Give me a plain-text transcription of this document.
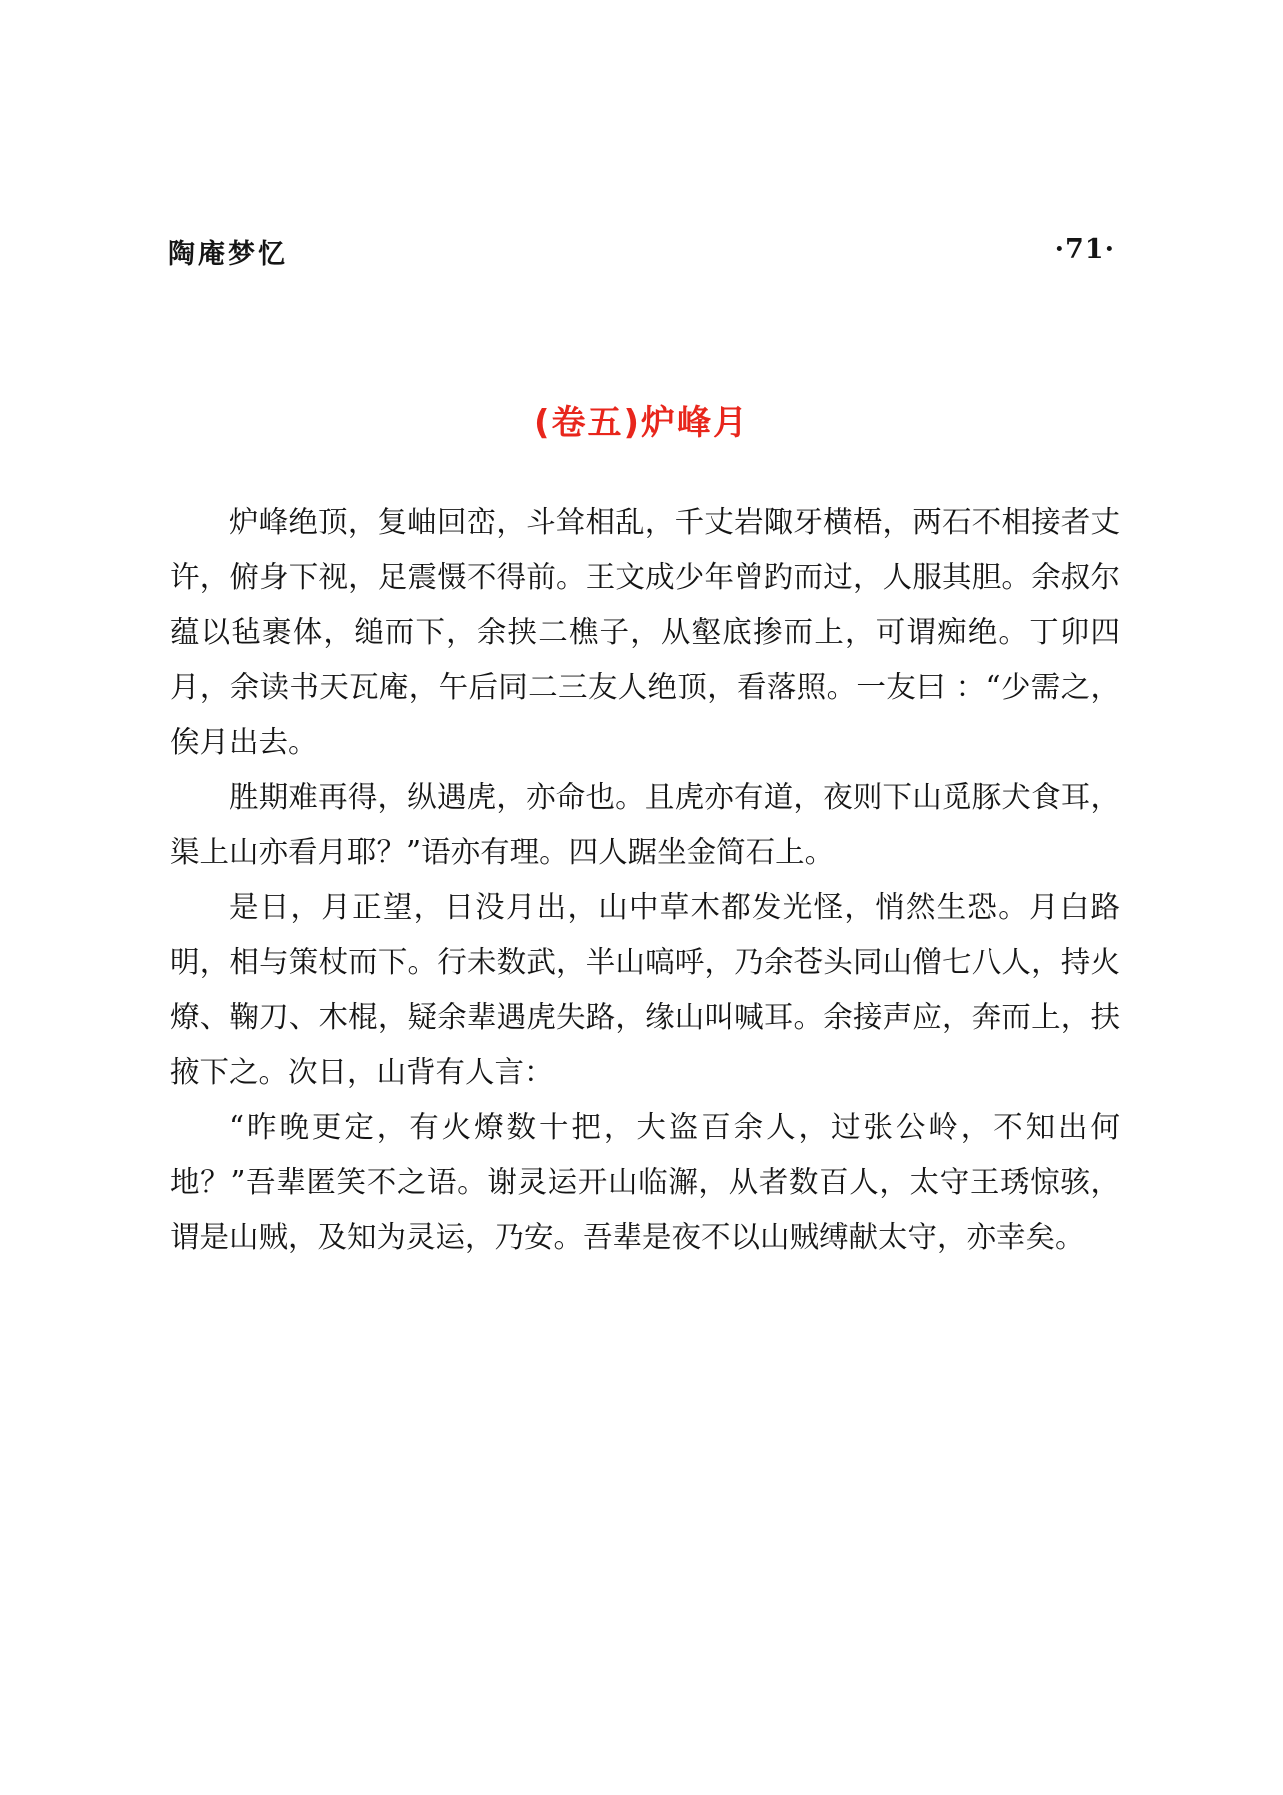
陶庵梦忆	·71·
(卷五)炉峰月

炉峰绝顶，复岫回峦，斗耸相乱，千丈岩陬牙横梧，两石不相接者丈许，俯身下视，足震慑不得前。王文成少年曾趵而过，人服其胆。余叔尔蕴以毡裹体，缒而下，余挟二樵子，从壑底掺而上，可谓痴绝。丁卯四月，余读书天瓦庵，午后同二三友人绝顶，看落照。一友曰 ：“少需之，俟月出去。

胜期难再得，纵遇虎，亦命也。且虎亦有道，夜则下山觅豚犬食耳，渠上山亦看月耶？”语亦有理。四人踞坐金简石上。

是日，月正望，日没月出，山中草木都发光怪，悄然生恐。月白路明，相与策杖而下。行未数武，半山嗃呼，乃余苍头同山僧七八人，持火燎、鞠刀、木棍，疑余辈遇虎失路，缘山叫喊耳。余接声应，奔而上，扶掖下之。次日，山背有人言：

“昨晚更定，有火燎数十把，大盗百余人，过张公岭，不知出何地？”吾辈匿笑不之语。谢灵运开山临澥，从者数百人，太守王琇惊骇，谓是山贼，及知为灵运，乃安。吾辈是夜不以山贼缚献太守，亦幸矣。
